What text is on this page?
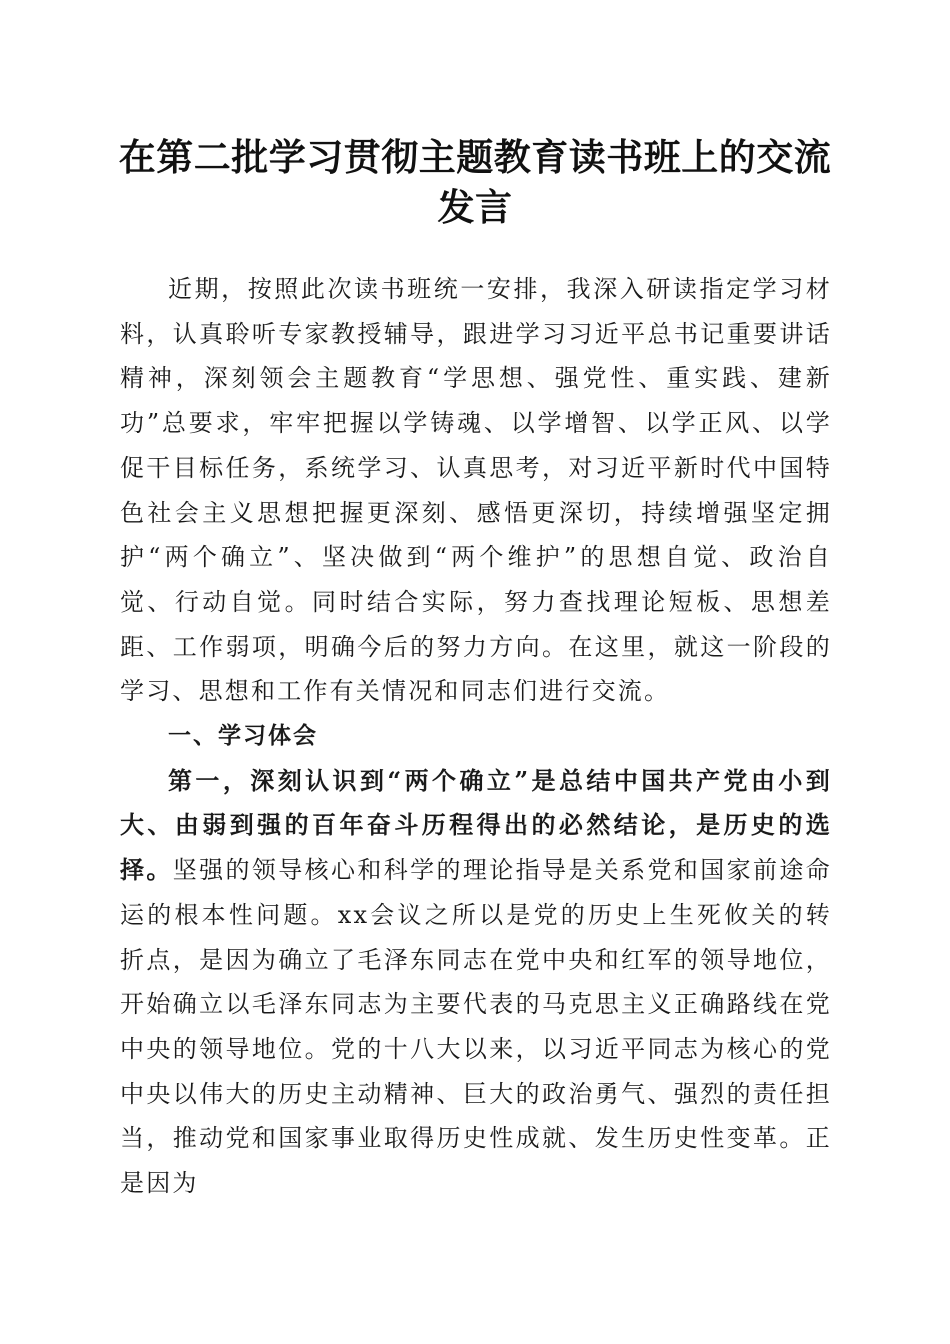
在第二批学习贯彻主题教育读书班上的交流发言

近期，按照此次读书班统一安排，我深入研读指定学习材料，认真聆听专家教授辅导，跟进学习习近平总书记重要讲话精神，深刻领会主题教育“学思想、强党性、重实践、建新功”总要求，牢牢把握以学铸魂、以学增智、以学正风、以学促干目标任务，系统学习、认真思考，对习近平新时代中国特色社会主义思想把握更深刻、感悟更深切，持续增强坚定拥护“两个确立”、坚决做到“两个维护”的思想自觉、政治自觉、行动自觉。同时结合实际，努力查找理论短板、思想差距、工作弱项，明确今后的努力方向。在这里，就这一阶段的学习、思想和工作有关情况和同志们进行交流。

一、学习体会

第一，深刻认识到“两个确立”是总结中国共产党由小到大、由弱到强的百年奋斗历程得出的必然结论，是历史的选择。坚强的领导核心和科学的理论指导是关系党和国家前途命运的根本性问题。xx会议之所以是党的历史上生死攸关的转折点，是因为确立了毛泽东同志在党中央和红军的领导地位，开始确立以毛泽东同志为主要代表的马克思主义正确路线在党中央的领导地位。党的十八大以来，以习近平同志为核心的党中央以伟大的历史主动精神、巨大的政治勇气、强烈的责任担当，推动党和国家事业取得历史性成就、发生历史性变革。正是因为
